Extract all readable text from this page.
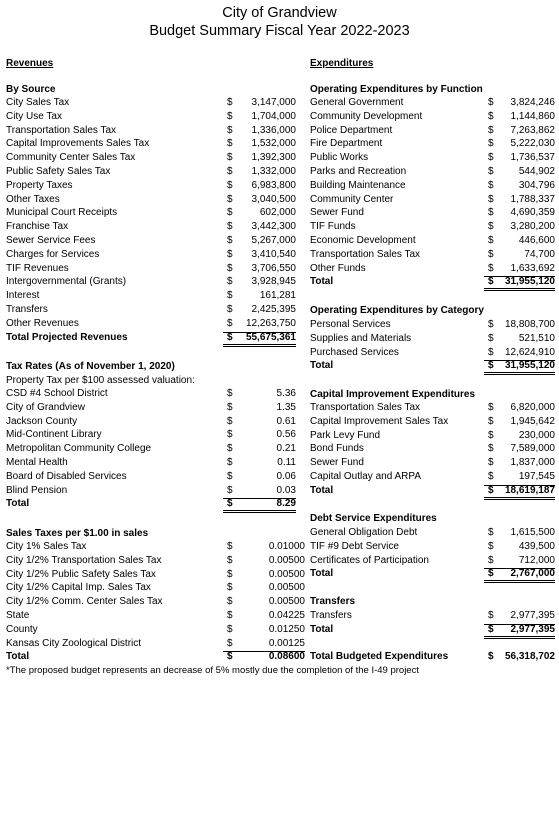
City of Grandview
Budget Summary Fiscal Year 2022-2023
Revenues	Expenditures
By Source
City Sales Tax	$ 3,147,000
City Use Tax	$ 1,704,000
Transportation Sales Tax	$ 1,336,000
Capital Improvements Sales Tax	$ 1,532,000
Community Center Sales Tax	$ 1,392,300
Public Safety Sales Tax	$ 1,332,000
Property Taxes	$ 6,983,800
Other Taxes	$ 3,040,500
Municipal Court Receipts	$	602,000
Franchise Tax	$ 3,442,300
Sewer Service Fees	$ 5,267,000
Charges for Services	$ 3,410,540
TIF Revenues	$ 3,706,550
Intergovernmental (Grants)	$ 3,928,945
Interest	$	161,281
Transfers	$ 2,425,395
Other Revenues	$ 12,263,750
Total Projected Revenues	$ 55,675,361
Tax Rates (As of November 1, 2020)
Property Tax per $100 assessed valuation:
CSD #4 School District	$	5.36
City of Grandview	$	1.35
Jackson County	$	0.61
Mid-Continent Library	$	0.56
Metropolitan Community College	$	0.21
Mental Health	$	0.11
Board of Disabled Services	$	0.06
Blind Pension	$	0.03
Total	$	8.29
Sales Taxes per $1.00 in sales
City 1% Sales Tax	$	0.01000
City 1/2% Transportation Sales Tax	$	0.00500
City 1/2% Public Safety Sales Tax	$	0.00500
City 1/2% Capital Imp. Sales Tax	$	0.00500
City 1/2% Comm. Center Sales Tax	$	0.00500
State	$	0.04225
County	$	0.01250
Kansas City Zoological District	$	0.00125
Total	$	0.08600
Operating Expenditures by Function
General Government	$ 3,824,246
Community Development	$ 1,144,860
Police Department	$ 7,263,862
Fire Department	$ 5,222,030
Public Works	$ 1,736,537
Parks and Recreation	$	544,902
Building Maintenance	$	304,796
Community Center	$ 1,788,337
Sewer Fund	$ 4,690,359
TIF Funds	$ 3,280,200
Economic Development	$	446,600
Transportation Sales Tax	$	74,700
Other Funds	$ 1,633,692
Total	$ 31,955,120
Operating Expenditures by Category
Personal Services	$ 18,808,700
Supplies and Materials	$	521,510
Purchased Services	$ 12,624,910
Total	$ 31,955,120
Capital Improvement Expenditures
Transportation Sales Tax	$ 6,820,000
Capital Improvement Sales Tax	$ 1,945,642
Park Levy Fund	$	230,000
Bond Funds	$ 7,589,000
Sewer Fund	$ 1,837,000
Capital Outlay and ARPA	$	197,545
Total	$ 18,619,187
Debt Service Expenditures
General Obligation Debt	$ 1,615,500
TIF #9 Debt Service	$	439,500
Certificates of Participation	$	712,000
Total	$ 2,767,000
Transfers
Transfers	$ 2,977,395
Total	$ 2,977,395
Total Budgeted Expenditures	$ 56,318,702
*The proposed budget represents an decrease of 5% mostly due the completion of the I-49 project
